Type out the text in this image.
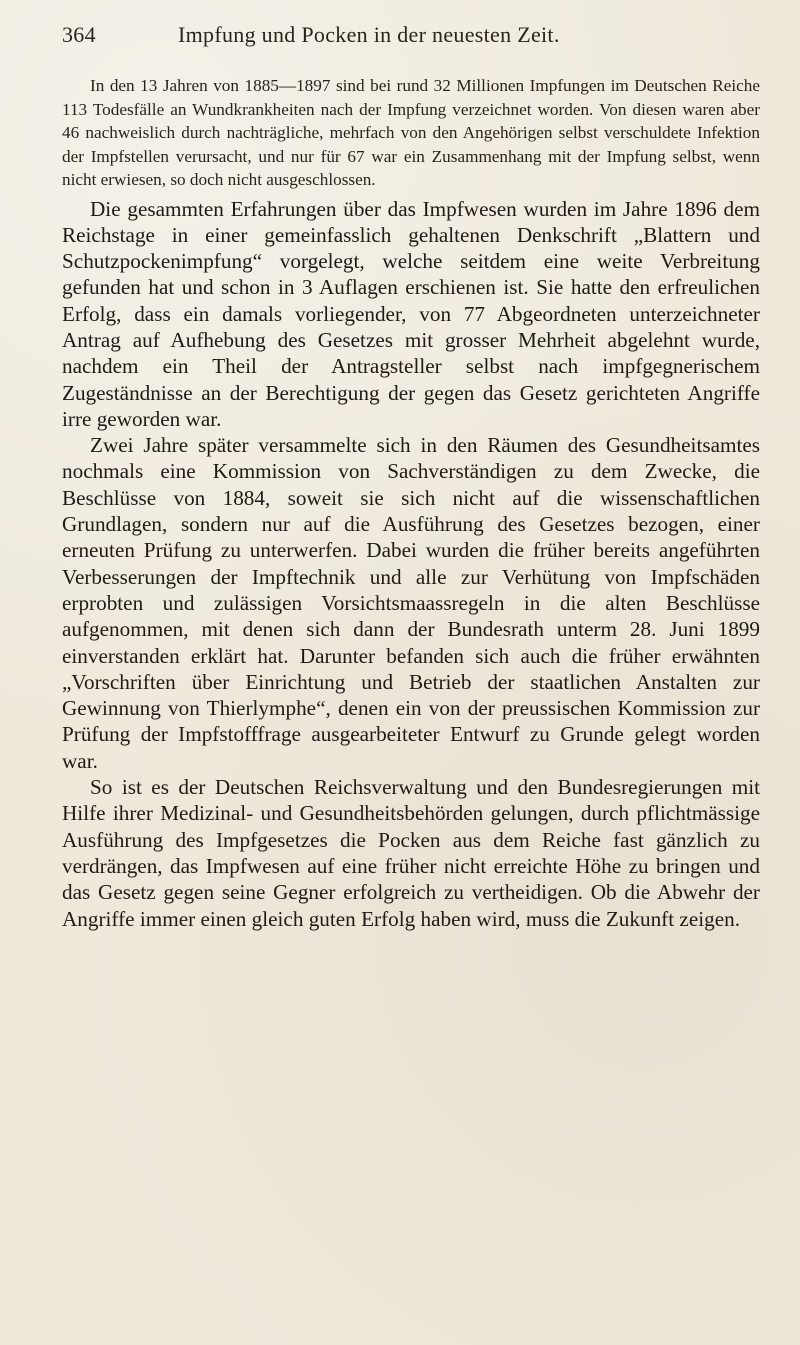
364	Impfung und Pocken in der neuesten Zeit.
In den 13 Jahren von 1885—1897 sind bei rund 32 Millionen Impfungen im Deutschen Reiche 113 Todesfälle an Wundkrankheiten nach der Impfung verzeichnet worden. Von diesen waren aber 46 nachweislich durch nachträgliche, mehrfach von den Angehörigen selbst verschuldete Infektion der Impfstellen verursacht, und nur für 67 war ein Zusammenhang mit der Impfung selbst, wenn nicht erwiesen, so doch nicht ausgeschlossen.

Die gesammten Erfahrungen über das Impfwesen wurden im Jahre 1896 dem Reichstage in einer gemeinfasslich gehaltenen Denkschrift „Blattern und Schutzpockenimpfung“ vorgelegt, welche seitdem eine weite Verbreitung gefunden hat und schon in 3 Auflagen erschienen ist. Sie hatte den erfreulichen Erfolg, dass ein damals vorliegender, von 77 Abgeordneten unterzeichneter Antrag auf Aufhebung des Gesetzes mit grosser Mehrheit abgelehnt wurde, nachdem ein Theil der Antragsteller selbst nach impfgegnerischem Zugeständnisse an der Berechtigung der gegen das Gesetz gerichteten Angriffe irre geworden war.

Zwei Jahre später versammelte sich in den Räumen des Gesundheitsamtes nochmals eine Kommission von Sachverständigen zu dem Zwecke, die Beschlüsse von 1884, soweit sie sich nicht auf die wissenschaftlichen Grundlagen, sondern nur auf die Ausführung des Gesetzes bezogen, einer erneuten Prüfung zu unterwerfen. Dabei wurden die früher bereits angeführten Verbesserungen der Impftechnik und alle zur Verhütung von Impfschäden erprobten und zulässigen Vorsichtsmaassregeln in die alten Beschlüsse aufgenommen, mit denen sich dann der Bundesrath unterm 28. Juni 1899 einverstanden erklärt hat. Darunter befanden sich auch die früher erwähnten „Vorschriften über Einrichtung und Betrieb der staatlichen Anstalten zur Gewinnung von Thierlymphe“, denen ein von der preussischen Kommission zur Prüfung der Impfstofffrage ausgearbeiteter Entwurf zu Grunde gelegt worden war.

So ist es der Deutschen Reichsverwaltung und den Bundesregierungen mit Hilfe ihrer Medizinal- und Gesundheitsbehörden gelungen, durch pflichtmässige Ausführung des Impfgesetzes die Pocken aus dem Reiche fast gänzlich zu verdrängen, das Impfwesen auf eine früher nicht erreichte Höhe zu bringen und das Gesetz gegen seine Gegner erfolgreich zu vertheidigen. Ob die Abwehr der Angriffe immer einen gleich guten Erfolg haben wird, muss die Zukunft zeigen.
